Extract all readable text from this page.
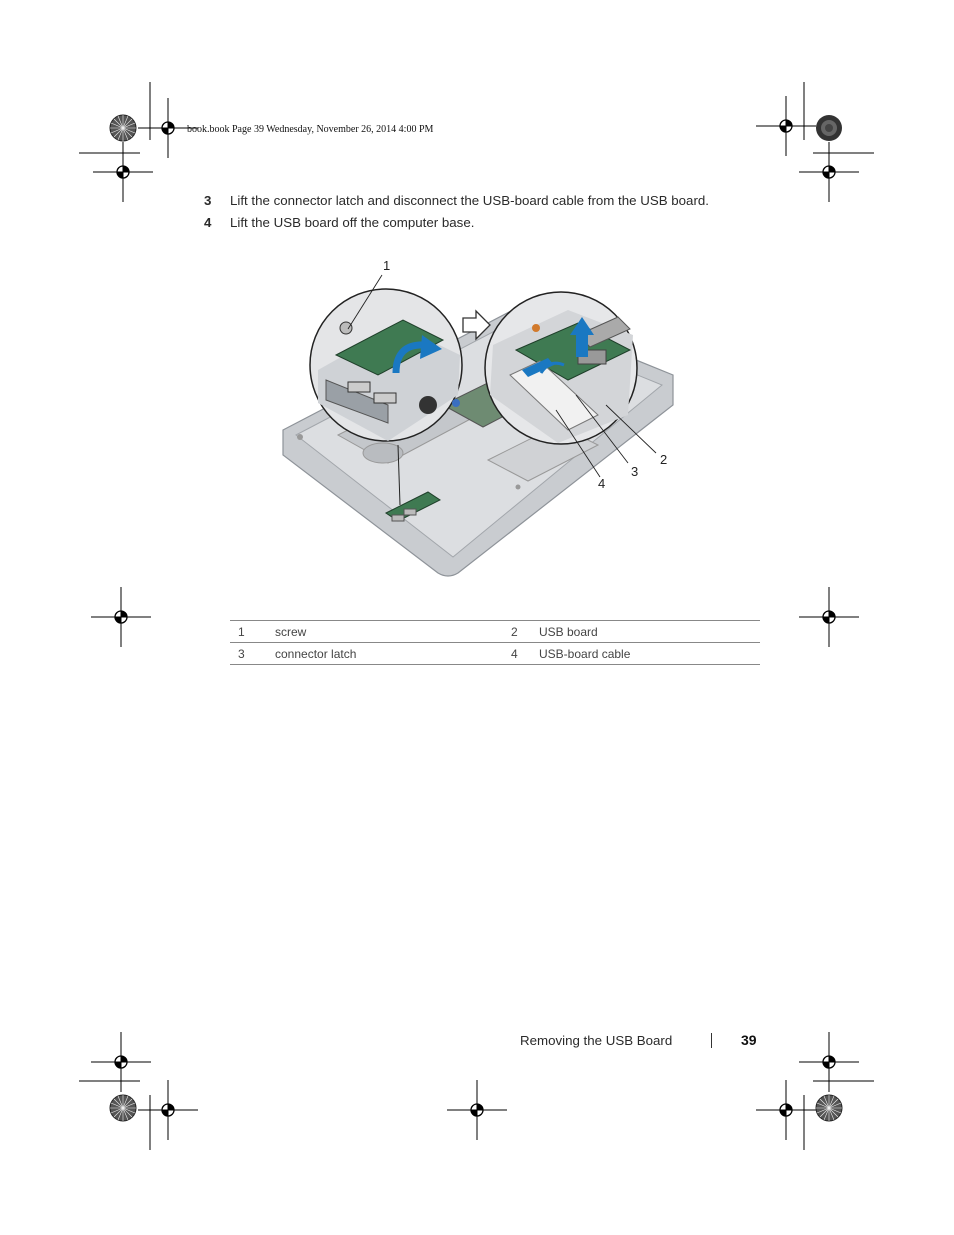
book.book Page 39 Wednesday, November 26, 2014 4:00 PM
3 Lift the connector latch and disconnect the USB-board cable from the USB board.
4 Lift the USB board off the computer base.
1
2
3
4
1	screw	2	USB board
3	connector latch	4	USB-board cable
Removing the USB Board	39
